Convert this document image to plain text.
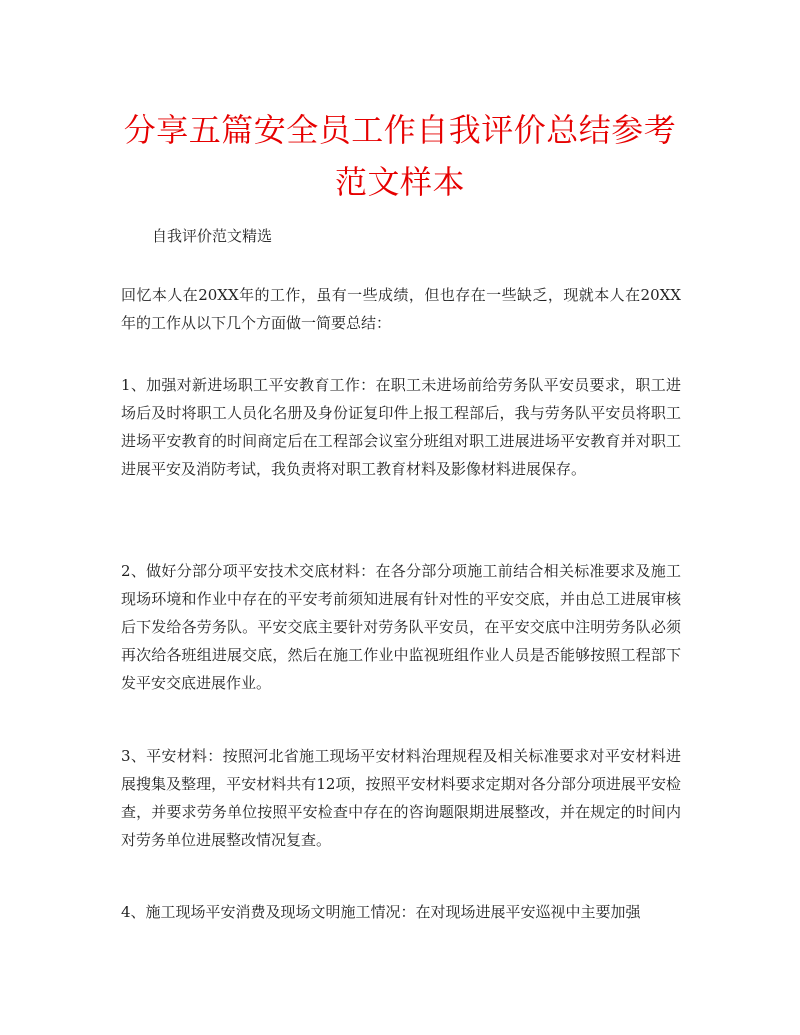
分享五篇安全员工作自我评价总结参考范文样本

自我评价范文精选

回忆本人在20XX年的工作，虽有一些成绩，但也存在一些缺乏，现就本人在20XX年的工作从以下几个方面做一简要总结：

1、加强对新进场职工平安教育工作：在职工未进场前给劳务队平安员要求，职工进场后及时将职工人员化名册及身份证复印件上报工程部后，我与劳务队平安员将职工进场平安教育的时间商定后在工程部会议室分班组对职工进展进场平安教育并对职工进展平安及消防考试，我负责将对职工教育材料及影像材料进展保存。

2、做好分部分项平安技术交底材料：在各分部分项施工前结合相关标准要求及施工现场环境和作业中存在的平安考前须知进展有针对性的平安交底，并由总工进展审核后下发给各劳务队。平安交底主要针对劳务队平安员，在平安交底中注明劳务队必须再次给各班组进展交底，然后在施工作业中监视班组作业人员是否能够按照工程部下发平安交底进展作业。

3、平安材料：按照河北省施工现场平安材料治理规程及相关标准要求对平安材料进展搜集及整理，平安材料共有12项，按照平安材料要求定期对各分部分项进展平安检查，并要求劳务单位按照平安检查中存在的咨询题限期进展整改，并在规定的时间内对劳务单位进展整改情况复查。

4、施工现场平安消费及现场文明施工情况：在对现场进展平安巡视中主要加强
